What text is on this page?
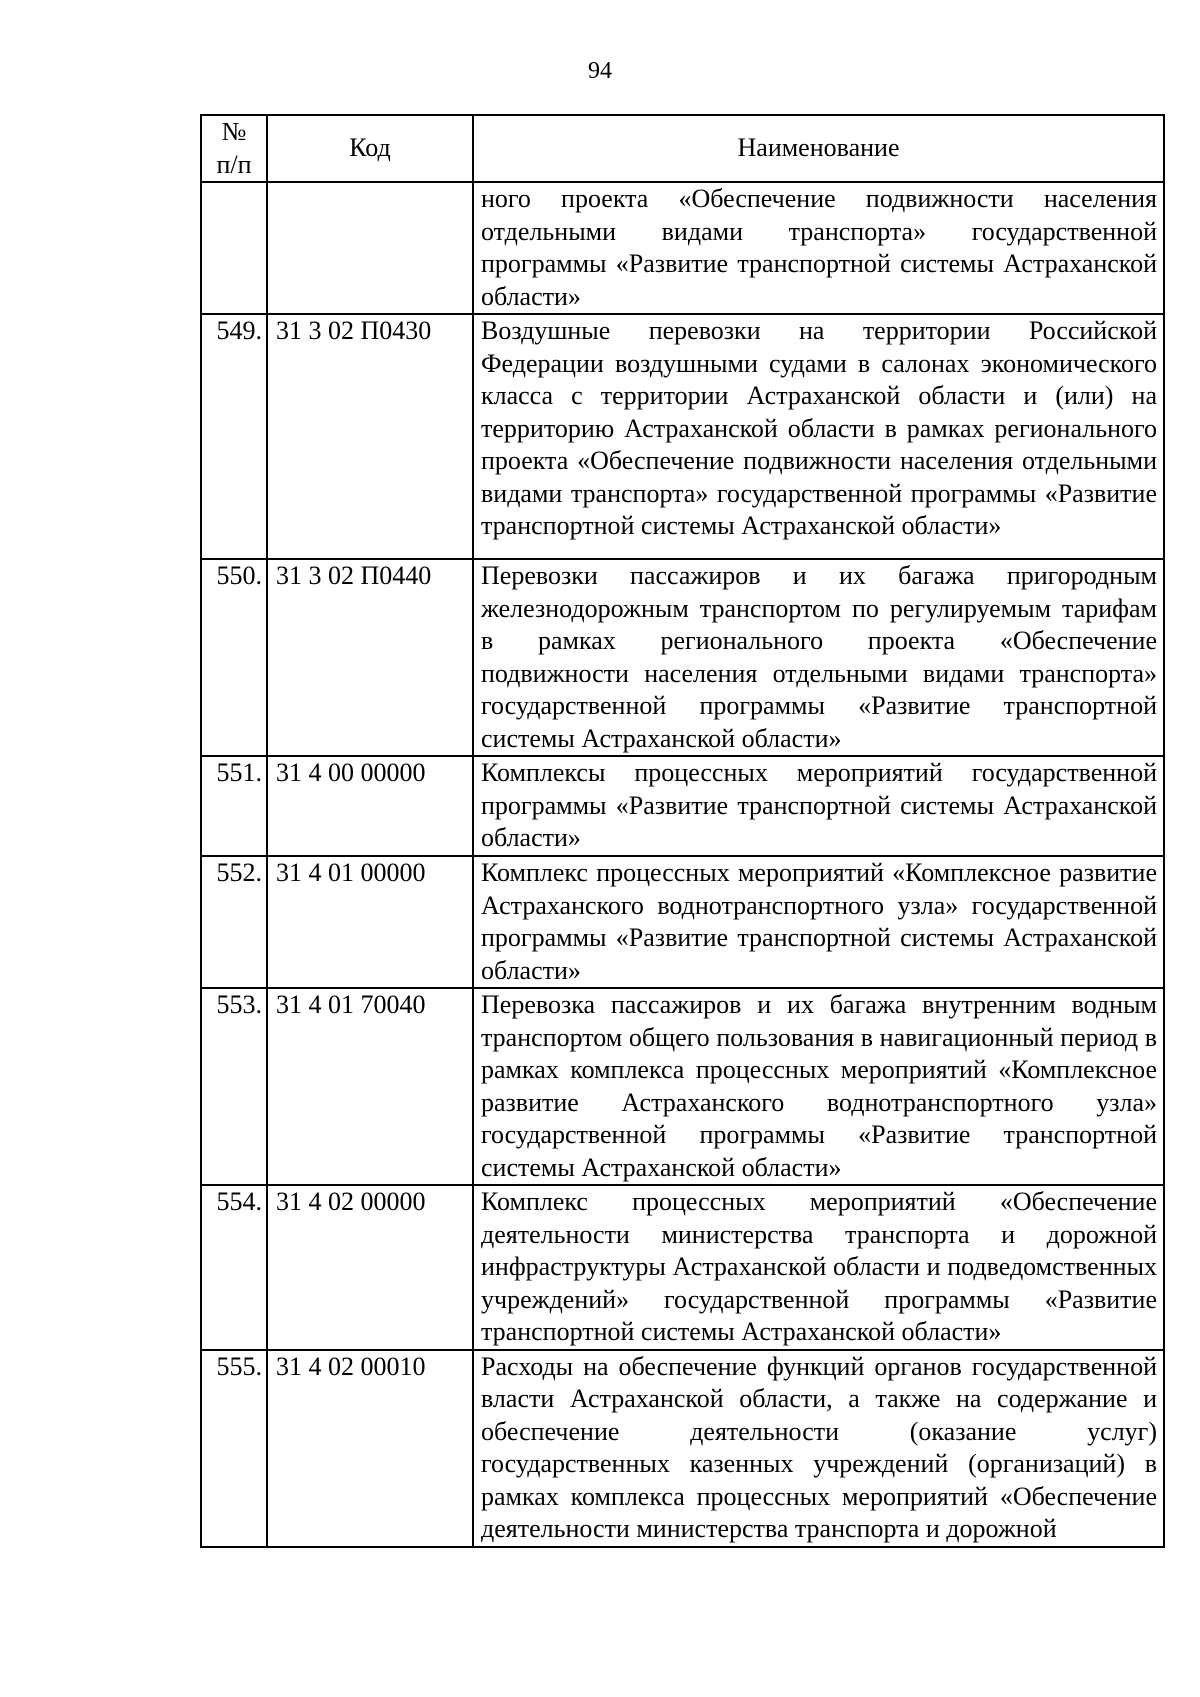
94
№
п/п	Код	Наименование
		ного проекта «Обеспечение подвижности населения отдельными видами транспорта» государственной программы «Развитие транспортной системы Астраханской области»
549.	31 3 02 П0430	Воздушные перевозки на территории Российской Федерации воздушными судами в салонах экономического класса с территории Астраханской области и (или) на территорию Астраханской области в рамках регионального проекта «Обеспечение подвижности населения отдельными видами транспорта» государственной программы «Развитие транспортной системы Астраханской области»
550.	31 3 02 П0440	Перевозки пассажиров и их багажа пригородным железнодорожным транспортом по регулируемым тарифам в рамках регионального проекта «Обеспечение подвижности населения отдельными видами транспорта» государственной программы «Развитие транспортной системы Астраханской области»
551.	31 4 00 00000	Комплексы процессных мероприятий государственной программы «Развитие транспортной системы Астраханской области»
552.	31 4 01 00000	Комплекс процессных мероприятий «Комплексное развитие Астраханского воднотранспортного узла» государственной программы «Развитие транспортной системы Астраханской области»
553.	31 4 01 70040	Перевозка пассажиров и их багажа внутренним водным транспортом общего пользования в навигационный период в рамках комплекса процессных мероприятий «Комплексное развитие Астраханского воднотранспортного узла» государственной программы «Развитие транспортной системы Астраханской области»
554.	31 4 02 00000	Комплекс процессных мероприятий «Обеспечение деятельности министерства транспорта и дорожной инфраструктуры Астраханской области и подведомственных учреждений» государственной программы «Развитие транспортной системы Астраханской области»
555.	31 4 02 00010	Расходы на обеспечение функций органов государственной власти Астраханской области, а также на содержание и обеспечение деятельности (оказание услуг) государственных казенных учреждений (организаций) в рамках комплекса процессных мероприятий «Обеспечение деятельности министерства транспорта и дорожной
